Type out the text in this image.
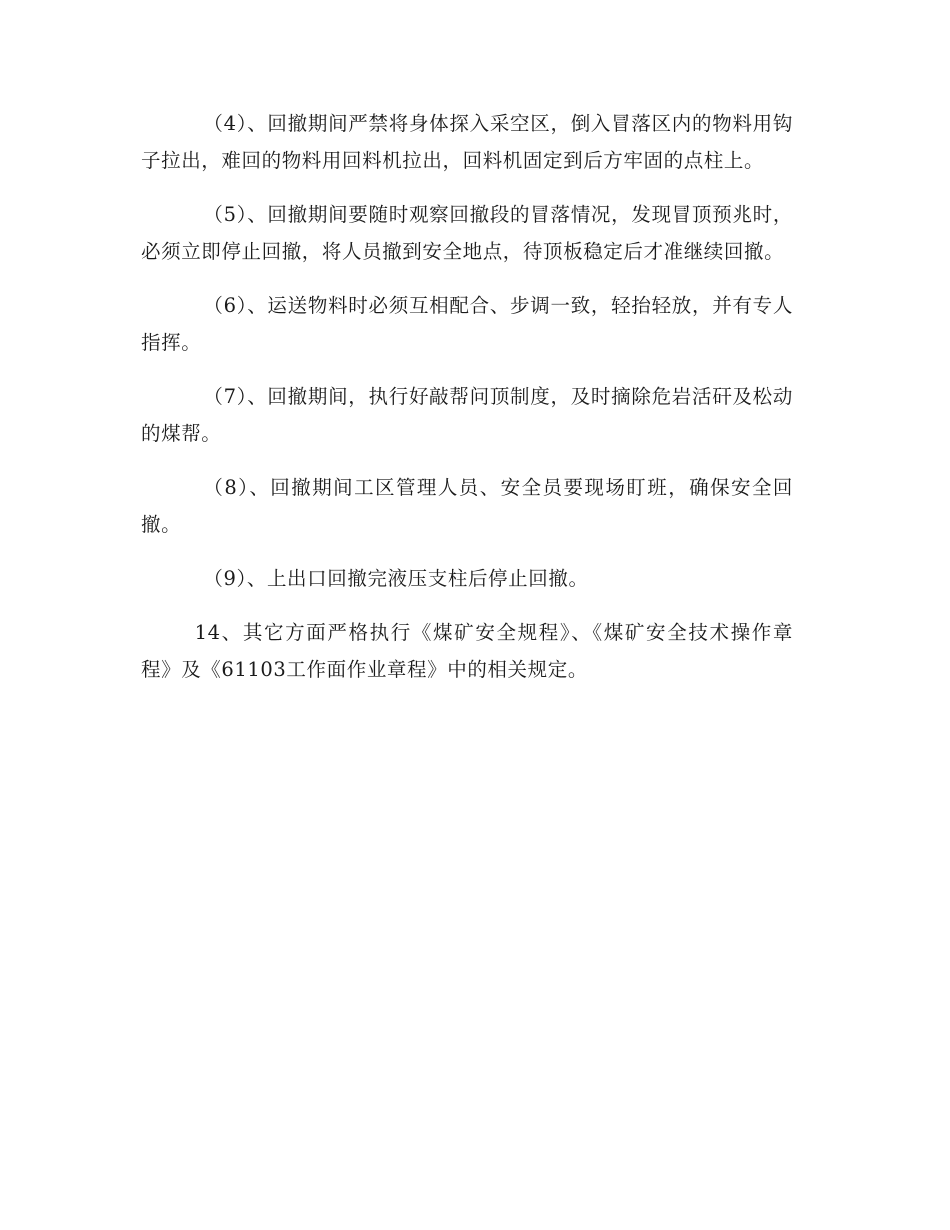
（4）、回撤期间严禁将身体探入采空区，倒入冒落区内的物料用钩子拉出，难回的物料用回料机拉出，回料机固定到后方牢固的点柱上。

（5）、回撤期间要随时观察回撤段的冒落情况，发现冒顶预兆时，必须立即停止回撤，将人员撤到安全地点，待顶板稳定后才准继续回撤。

（6）、运送物料时必须互相配合、步调一致，轻抬轻放，并有专人指挥。

（7）、回撤期间，执行好敲帮问顶制度，及时摘除危岩活矸及松动的煤帮。

（8）、回撤期间工区管理人员、安全员要现场盯班，确保安全回撤。

（9）、上出口回撤完液压支柱后停止回撤。

14、其它方面严格执行《煤矿安全规程》、《煤矿安全技术操作章程》及《61103工作面作业章程》中的相关规定。
